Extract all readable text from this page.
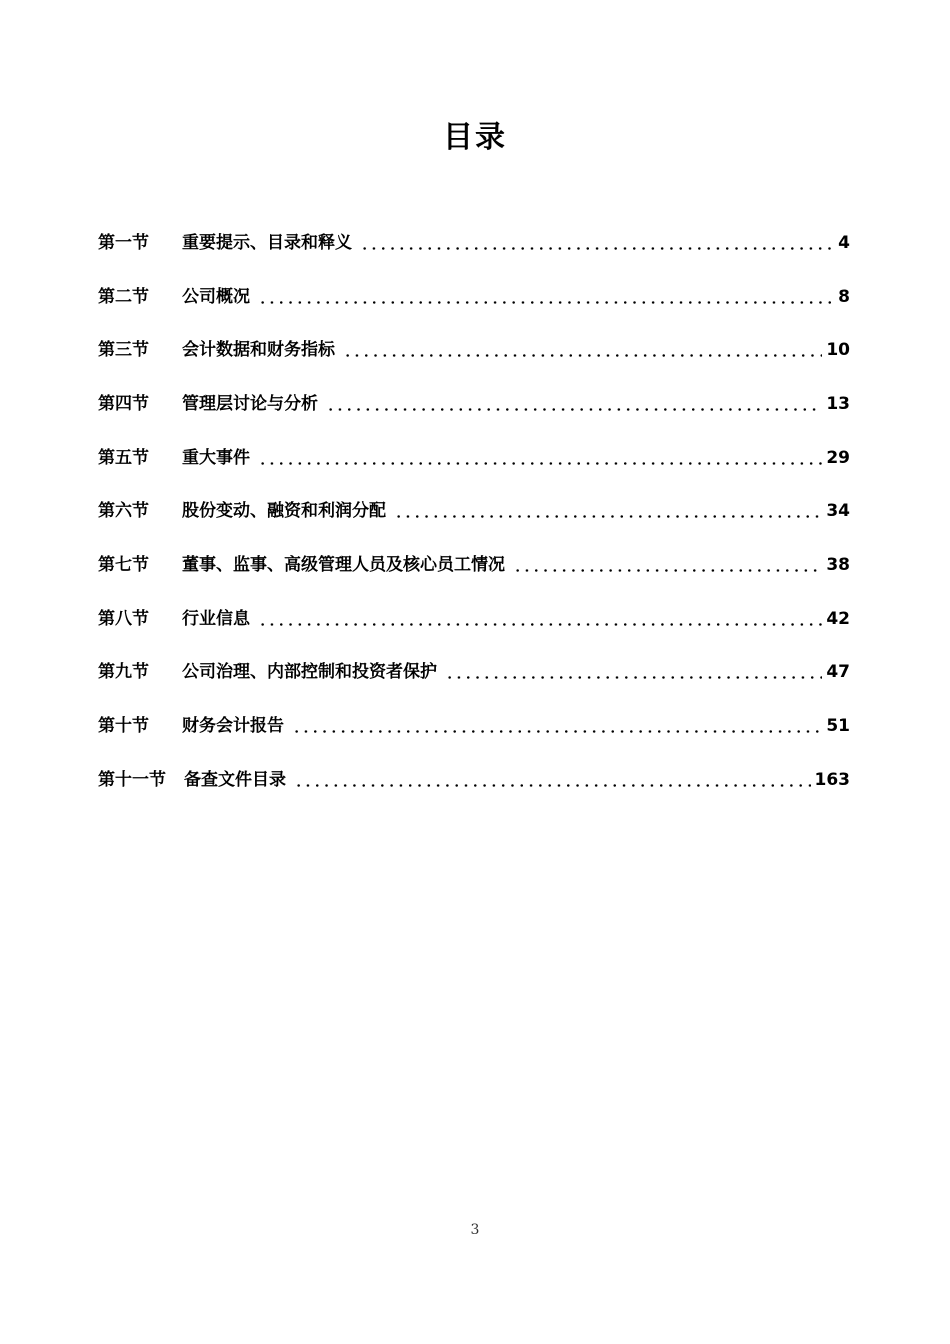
目录
第一节	重要提示、目录和释义	4
第二节	公司概况	8
第三节	会计数据和财务指标	10
第四节	管理层讨论与分析	13
第五节	重大事件	29
第六节	股份变动、融资和利润分配	34
第七节	董事、监事、高级管理人员及核心员工情况	38
第八节	行业信息	42
第九节	公司治理、内部控制和投资者保护	47
第十节	财务会计报告	51
第十一节	备查文件目录	163
3
